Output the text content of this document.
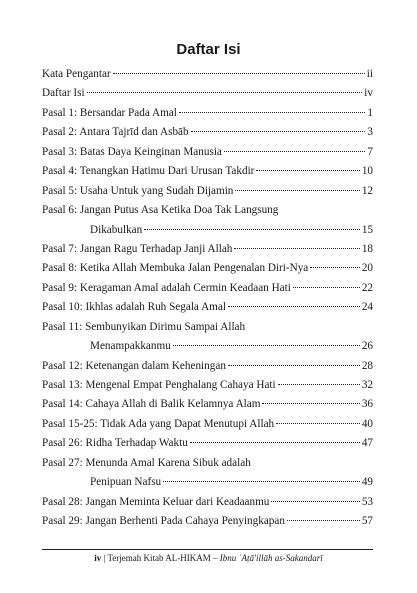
Daftar Isi
Kata Pengantar	ii
Daftar Isi	iv
Pasal 1: Bersandar Pada Amal	1
Pasal 2: Antara Tajrīd dan Asbāb	3
Pasal 3: Batas Daya Keinginan Manusia	7
Pasal 4: Tenangkan Hatimu Dari Urusan Takdir	10
Pasal 5: Usaha Untuk yang Sudah Dijamin	12
Pasal 6: Jangan Putus Asa Ketika Doa Tak Langsung
Dikabulkan	15
Pasal 7: Jangan Ragu Terhadap Janji Allah	18
Pasal 8: Ketika Allah Membuka Jalan Pengenalan Diri-Nya	20
Pasal 9: Keragaman Amal adalah Cermin Keadaan Hati	22
Pasal 10: Ikhlas adalah Ruh Segala Amal	24
Pasal 11: Sembunyikan Dirimu Sampai Allah
Menampakkanmu	26
Pasal 12: Ketenangan dalam Keheningan	28
Pasal 13: Mengenal Empat Penghalang Cahaya Hati	32
Pasal 14: Cahaya Allah di Balik Kelamnya Alam	36
Pasal 15-25: Tidak Ada yang Dapat Menutupi Allah	40
Pasal 26: Ridha Terhadap Waktu	47
Pasal 27: Menunda Amal Karena Sibuk adalah
Penipuan Nafsu	49
Pasal 28: Jangan Meminta Keluar dari Keadaanmu	53
Pasal 29: Jangan Berhenti Pada Cahaya Penyingkapan	57
iv | Terjemah Kitab AL-HIKAM – Ibnu ʿAṭā'illāh as-Sakandarī
